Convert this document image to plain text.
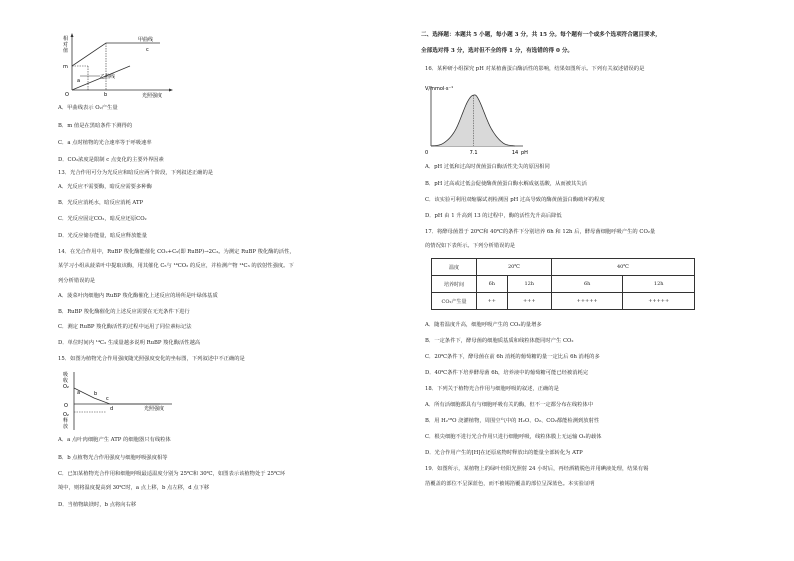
相
对
值
m
O
a
b
c
甲曲线
乙曲线
光照强度
A．甲曲线表示 O₂产生量
B．m 值是在黑暗条件下测得的
C．a 点时植物的光合速率等于呼吸速率
D．CO₂浓度是限制 c 点变化的主要外界因素
13．光合作用可分为光反应和暗反应两个阶段，下列叙述正确的是
A．光反应不需要酶，暗反应需要多种酶
B．光反应消耗水，暗反应消耗 ATP
C．光反应固定CO₂，暗反应还原CO₂
D．光反应储存能量，暗反应释放能量
14．在光合作用中，RuBP 羧化酶能催化 CO₂+C₅(即 RuBP)→2C₃。为测定 RuBP 羧化酶的活性，
某学习小组从菠菜叶中提取该酶，用其催化 C₅与 ¹⁴CO₂ 的反应，并检测产物 ¹⁴C₃ 的放射性强度。下
列分析错误的是
A．菠菜叶肉细胞内 RuBP 羧化酶催化上述反应的场所是叶绿体基质
B．RuBP 羧化酶催化的上述反应需要在无光条件下进行
C．测定 RuBP 羧化酶活性的过程中运用了同位素标记法
D．单位时间内 ¹⁴C₃ 生成量越多说明 RuBP 羧化酶活性越高
15．如图为植物光合作用强度随光照强度变化的坐标图，下列叙述中不正确的是
吸
收
O₂
O
O₂
释
放
a	b
c
d	光照强度
A．a 点叶肉细胞产生 ATP 的细胞器只有线粒体
B．b 点植物光合作用强度与细胞呼吸强度相等
C．已知某植物光合作用和细胞呼吸最适温度分别为 25℃和 30℃，如图表示该植物处于 25℃环
境中，则将温度提高到 30℃时，a 点上移，b 点左移，d 点下移
D．当植物缺镁时，b 点将向右移
二、选择题：本题共 5 小题，每小题 3 分，共 15 分。每个题有一个或多个选项符合题目要求，
全部选对得 3 分，选对但不全的得 1 分，有选错的得 0 分。
16．某种研小组探究 pH 对某植菌蛋白酶活性的影响，结果如图所示。下列有关叙述错误的是
V/mmol·s⁻¹
0	7.1	14 pH
A．pH 过低和过高时黄菌蛋白酶活性先失的原因相同
B．pH 过高或过低会促使酶黄菌蛋白酶水解成氨基酸，从而被其失活
C．该实验可利用双缩脲试剂检测因 pH 过高导致的酶黄菌蛋白酶破坏的程度
D．pH 由 1 升高到 13 的过程中，酶的活性先升高后降低
17．将酵母菌置于 20℃和 40℃的条件下分别培养 6h 和 12h 后，酵母菌细胞呼吸产生的 CO₂量
的情况如下表所示。下列分析错误的是
温度	20℃		40℃	
培养时间	6h	12h	6h	12h
CO₂产生量	++	+++	+++++	+++++
A．随着温度升高，细胞呼吸产生的 CO₂的量增多
B．一定条件下，酵母菌的细胞质基质和线粒体能同时产生 CO₂
C．20℃条件下，酵母菌在前 6h 消耗的葡萄糖的量一定比后 6h 消耗的多
D．40℃条件下培养酵母菌 6h，培养液中的葡萄糖可能已经被消耗完
18．下列关于植物光合作用与细胞呼吸的叙述，正确的是
A．所有活细胞都具有与细胞呼吸有关的酶，但不一定都分布在线粒体中
B．用 H₂¹⁸O 浇灌植物，周围空气中的 H₂O、O₂、CO₂都能检测到放射性
C．根尖细胞不进行光合作用只进行细胞呼吸，线粒体膜上无运输 O₂的载体
D．光合作用产生的[H]在还原底物时释放出的能量全部转化为 ATP
19．如图所示，某植物上的绿叶经阳光照射 24 小时后，再经酒精脱色并用碘液处理，结果有锡
箔覆盖的部位不呈深蓝色，而不被锡箔覆盖的部位呈深蓝色。本实验证明
